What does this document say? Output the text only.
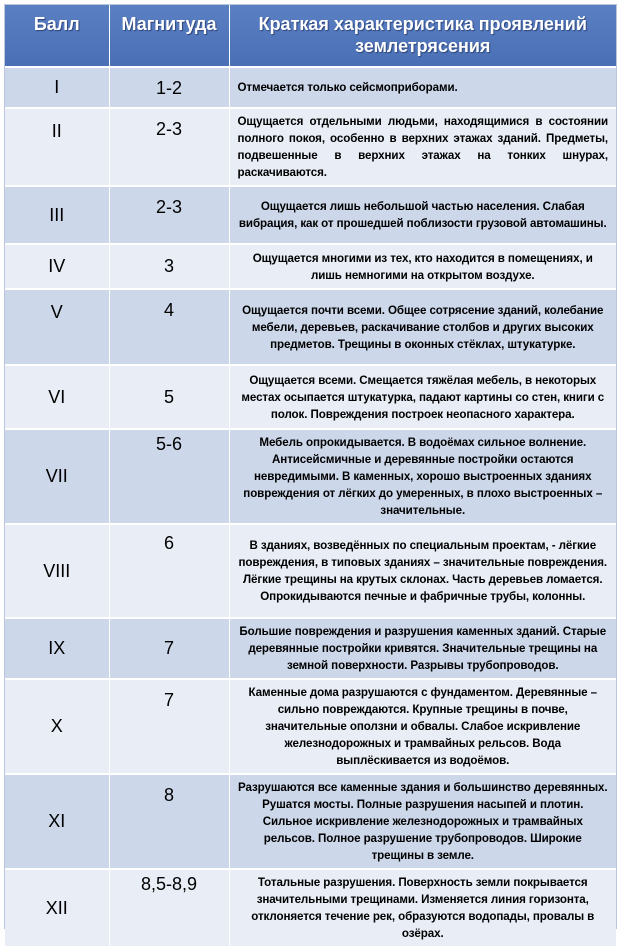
Балл	Магнитуда	Краткая характеристика проявлений землетрясения
I	1-2	Отмечается только сейсмоприборами.
II	2-3	Ощущается отдельными людьми, находящимися в состоянии полного покоя, особенно в верхних этажах зданий. Предметы, подвешенные в верхних этажах на тонких шнурах, раскачиваются.
III	2-3	Ощущается лишь небольшой частью населения. Слабая вибрация, как от прошедшей поблизости грузовой автомашины.
IV	3	Ощущается многими из тех, кто находится в помещениях, и лишь немногими на открытом воздухе.
V	4	Ощущается почти всеми. Общее сотрясение зданий, колебание мебели, деревьев, раскачивание столбов и других высоких предметов. Трещины в оконных стёклах, штукатурке.
VI	5	Ощущается всеми. Смещается тяжёлая мебель, в некоторых местах осыпается штукатурка, падают картины со стен, книги с полок. Повреждения построек неопасного характера.
VII	5-6	Мебель опрокидывается. В водоёмах сильное волнение. Антисейсмичные и деревянные постройки остаются невредимыми. В каменных, хорошо выстроенных зданиях повреждения от лёгких до умеренных, в плохо выстроенных – значительные.
VIII	6	В зданиях, возведённых по специальным проектам, - лёгкие повреждения, в типовых зданиях – значительные повреждения. Лёгкие трещины на крутых склонах. Часть деревьев ломается. Опрокидываются печные и фабричные трубы, колонны.
IX	7	Большие повреждения и разрушения каменных зданий. Старые деревянные постройки кривятся. Значительные трещины на земной поверхности. Разрывы трубопроводов.
X	7	Каменные дома разрушаются с фундаментом. Деревянные – сильно повреждаются. Крупные трещины в почве, значительные оползни и обвалы. Слабое искривление железнодорожных и трамвайных рельсов. Вода выплёскивается из водоёмов.
XI	8	Разрушаются все каменные здания и большинство деревянных. Рушатся мосты. Полные разрушения насыпей и плотин. Сильное искривление железнодорожных и трамвайных рельсов. Полное разрушение трубопроводов. Широкие трещины в земле.
XII	8,5-8,9	Тотальные разрушения. Поверхность земли покрывается значительными трещинами. Изменяется линия горизонта, отклоняется течение рек, образуются водопады, провалы в озёрах.
